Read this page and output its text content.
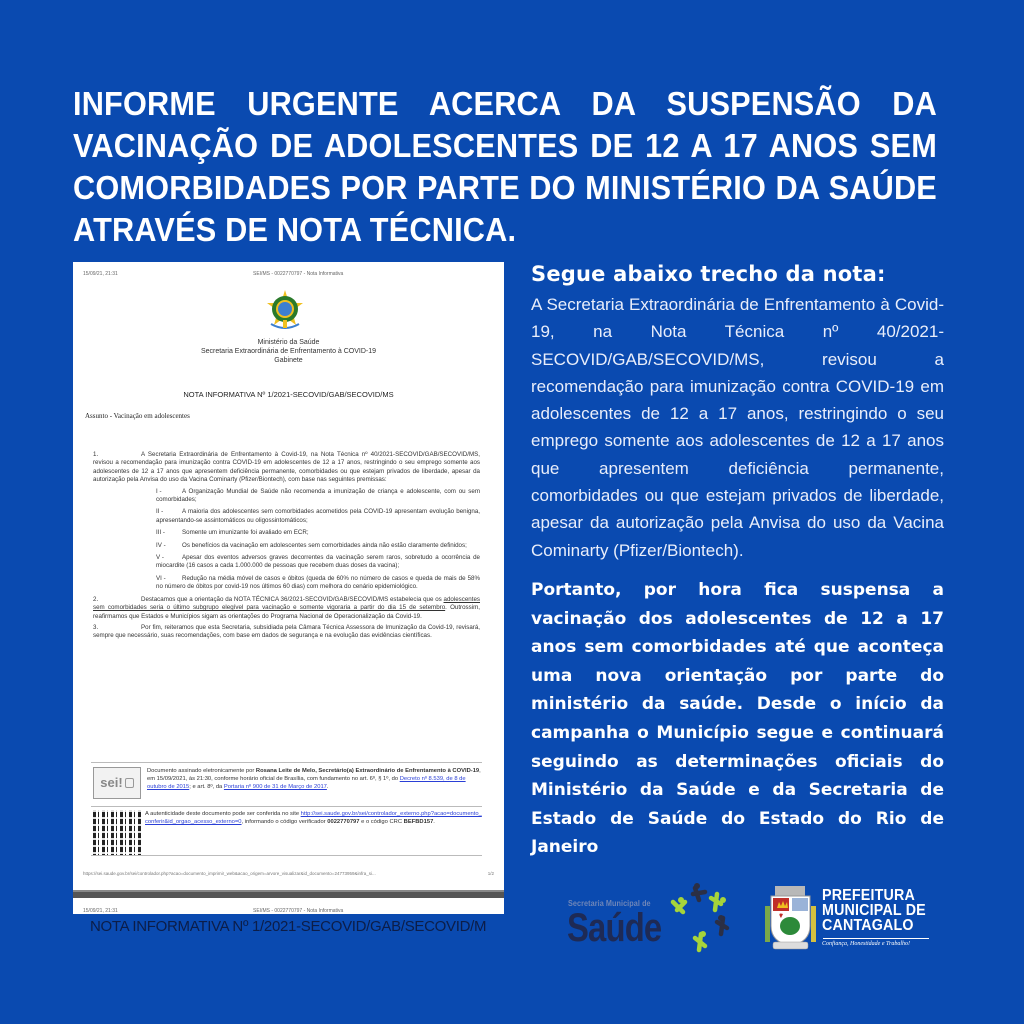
INFORME URGENTE ACERCA DA SUSPENSÃO DA VACINAÇÃO DE ADOLESCENTES DE 12 A 17 ANOS SEM COMORBIDADES POR PARTE DO MINISTÉRIO DA SAÚDE ATRAVÉS DE NOTA TÉCNICA.
15/09/21, 21:31	SEI/MS - 0022770797 - Nota Informativa
Ministério da Saúde
Secretaria Extraordinária de Enfrentamento à COVID-19
Gabinete
NOTA INFORMATIVA Nº 1/2021-SECOVID/GAB/SECOVID/MS
Assunto - Vacinação em adolescentes

1.	A Secretaria Extraordinária de Enfrentamento à Covid-19, na Nota Técnica nº 40/2021-SECOVID/GAB/SECOVID/MS, revisou a recomendação para imunização contra COVID-19 em adolescentes de 12 a 17 anos, restringindo o seu emprego somente aos adolescentes de 12 a 17 anos que apresentem deficiência permanente, comorbidades ou que estejam privados de liberdade, apesar da autorização pela Anvisa do uso da Vacina Cominarty (Pfizer/Biontech), com base nas seguintes premissas:

I -	A Organização Mundial de Saúde não recomenda a imunização de criança e adolescente, com ou sem comorbidades;
II -	A maioria dos adolescentes sem comorbidades acometidos pela COVID-19 apresentam evolução benigna, apresentando-se assintomáticos ou oligossintomáticos;
III -	Somente um imunizante foi avaliado em ECR;
IV -	Os benefícios da vacinação em adolescentes sem comorbidades ainda não estão claramente definidos;
V -	Apesar dos eventos adversos graves decorrentes da vacinação serem raros, sobretudo a ocorrência de miocardite (16 casos a cada 1.000.000 de pessoas que recebem duas doses da vacina);
VI -	Redução na média móvel de casos e óbitos (queda de 60% no número de casos e queda de mais de 58% no número de óbitos por covid-19 nos últimos 60 dias) com melhora do cenário epidemiológico.

2.	Destacamos que a orientação da NOTA TÉCNICA 36/2021-SECOVID/GAB/SECOVID/MS estabelecia que os adolescentes sem comorbidades seria o último subgrupo elegível para vacinação e somente vigoraria a partir do dia 15 de setembro. Outrossim, reafirmamos que Estados e Municípios sigam as orientações do Programa Nacional de Operacionalização da Covid-19.

3.	Por fim, reiteramos que esta Secretaria, subsidiada pela Câmara Técnica Assessora de Imunização da Covid-19, revisará, sempre que necessário, suas recomendações, com base em dados de segurança e na evolução das evidências científicas.

sei!
Documento assinado eletronicamente por Rosana Leite de Melo, Secretário(a) Extraordinário de Enfrentamento à COVID-19, em 15/09/2021, às 21:30, conforme horário oficial de Brasília, com fundamento no art. 6º, § 1º, do Decreto nº 8.539, de 8 de outubro de 2015; e art. 8º, da Portaria nº 900 de 31 de Março de 2017.
A autenticidade deste documento pode ser conferida no site http://sei.saude.gov.br/sei/controlador_externo.php?acao=documento_conferir&id_orgao_acesso_externo=0, informando o código verificador 0022770797 e o código CRC BEFBD157.
https://sei.saude.gov.br/sei/controlador.php?acao=documento_imprimir_web&acao_origem=arvore_visualizar&id_documento=24773959&infra_si...	1/2
15/09/21, 21:31	SEI/MS - 0022770797 - Nota Informativa
NOTA INFORMATIVA Nº 1/2021-SECOVID/GAB/SECOVID/M
Segue abaixo trecho da nota:
A Secretaria Extraordinária de Enfrentamento à Covid-19, na Nota Técnica nº 40/2021-SECOVID/GAB/SECOVID/MS, revisou a recomendação para imunização contra COVID-19 em adolescentes de 12 a 17 anos, restringindo o seu emprego somente aos adolescentes de 12 a 17 anos que apresentem deficiência permanente, comorbidades ou que estejam privados de liberdade, apesar da autorização pela Anvisa do uso da Vacina Cominarty (Pfizer/Biontech).
Portanto, por hora fica suspensa a vacinação dos adolescentes de 12 a 17 anos sem comorbidades até que aconteça uma nova orientação por parte do ministério da saúde. Desde o início da campanha o Município segue e continuará seguindo as determinações oficiais do Ministério da Saúde e da Secretaria de Estado de Saúde do Estado do Rio de Janeiro
Secretaria Municipal de
Saúde
PREFEITURA
MUNICIPAL DE
CANTAGALO
Confiança, Honestidade e Trabalho!
